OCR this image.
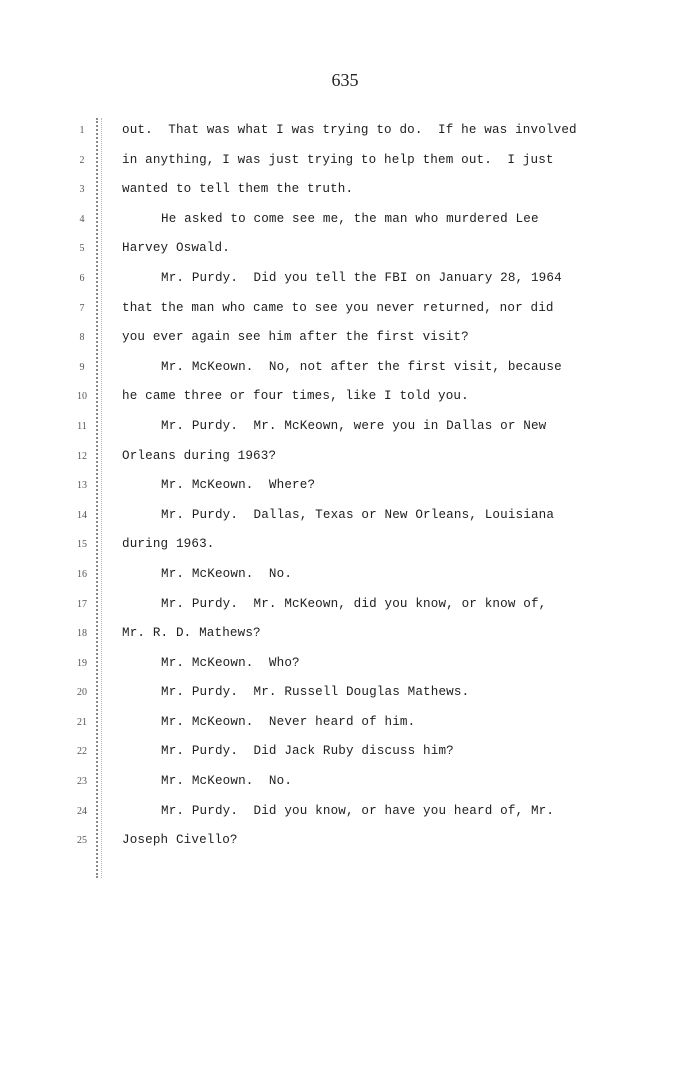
635
1	out.  That was what I was trying to do.  If he was involved
2	in anything, I was just trying to help them out.  I just
3	wanted to tell them the truth.
4	He asked to come see me, the man who murdered Lee
5	Harvey Oswald.
6	Mr. Purdy.  Did you tell the FBI on January 28, 1964
7	that the man who came to see you never returned, nor did
8	you ever again see him after the first visit?
9	Mr. McKeown.  No, not after the first visit, because
10	he came three or four times, like I told you.
11	Mr. Purdy.  Mr. McKeown, were you in Dallas or New
12	Orleans during 1963?
13	Mr. McKeown.  Where?
14	Mr. Purdy.  Dallas, Texas or New Orleans, Louisiana
15	during 1963.
16	Mr. McKeown.  No.
17	Mr. Purdy.  Mr. McKeown, did you know, or know of,
18	Mr. R. D. Mathews?
19	Mr. McKeown.  Who?
20	Mr. Purdy.  Mr. Russell Douglas Mathews.
21	Mr. McKeown.  Never heard of him.
22	Mr. Purdy.  Did Jack Ruby discuss him?
23	Mr. McKeown.  No.
24	Mr. Purdy.  Did you know, or have you heard of, Mr.
25	Joseph Civello?
